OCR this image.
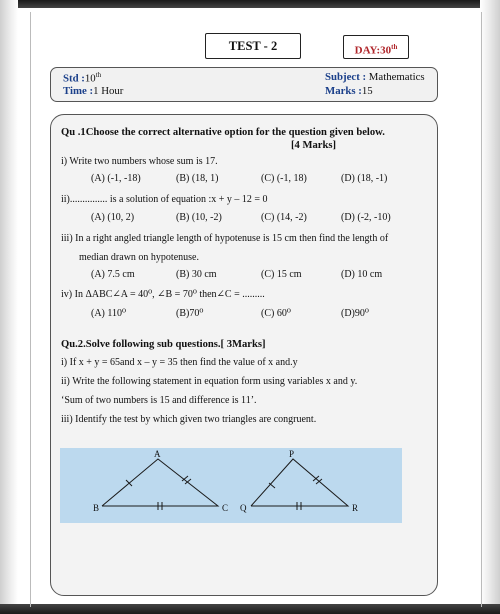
TEST - 2	DAY:30th
Std :10th
Time :1 Hour
Subject : Mathematics
Marks :15
Qu .1Choose the correct alternative option for the question given below.
[4 Marks]
i) Write two numbers whose sum is 17.
(A) (-1, -18)	(B) (18, 1)	(C) (-1, 18)	(D) (18, -1)
ii)............... is a solution of equation :x + y – 12 = 0
(A) (10, 2)	(B) (10, -2)	(C) (14, -2)	(D) (-2, -10)
iii) In a right angled triangle length of hypotenuse is 15 cm then find the length of
median drawn on hypotenuse.
(A) 7.5 cm	(B) 30 cm	(C) 15 cm	(D) 10 cm
iv) In ΔABC∠A = 40⁰, ∠B = 70⁰ then∠C = .........
(A) 110⁰	(B)70⁰	(C) 60⁰	(D)90⁰
Qu.2.Solve following sub questions.[ 3Marks]
i) If x + y = 65and x – y = 35 then find the value of x and.y
ii) Write the following statement in equation form using variables x and y.
‘Sum of two numbers is 15 and difference is 11’.
iii) Identify the test by which given two triangles are congruent.
A
B	C
P
Q	R
